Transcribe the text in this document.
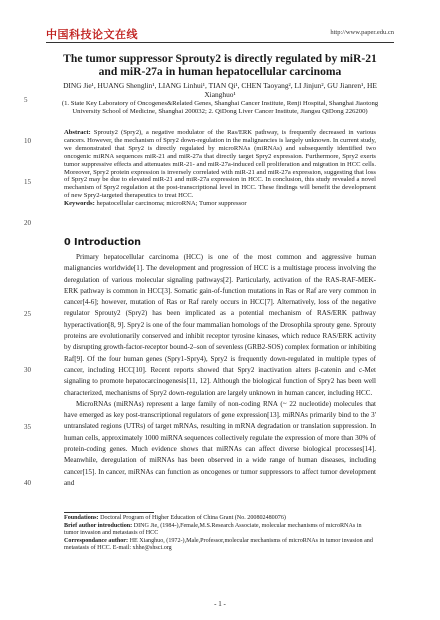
中国科技论文在线	http://www.paper.edu.cn
5
10
15
20
25
30
35
40
The tumor suppressor Sprouty2 is directly regulated by miR-21 and miR-27a in human hepatocellular carcinoma
DING Jie¹, HUANG Shenglin¹, LIANG Linhui¹, TIAN Qi¹, CHEN Taoyang², LI Jinjun², GU Jianren¹, HE Xianghuo¹
(1. State Key Laboratory of Oncogenes&Related Genes, Shanghai Cancer Institute, Renji Hospital, Shanghai Jiaotong University School of Medicine, Shanghai 200032; 2. QiDong Liver Cancer Institute, Jiangsu QiDong 226200)
Abstract: Sprouty2 (Spry2), a negative modulator of the Ras/ERK pathway, is frequently decreased in various cancers. However, the mechanism of Spry2 down-regulation in the malignancies is largely unknown. In current study, we demonstrated that Spry2 is directly regulated by microRNAs (miRNAs) and subsequently identified two oncogenic miRNA sequences miR-21 and miR-27a that directly target Spry2 expression. Furthermore, Spry2 exerts tumor suppressive effects and attenuates miR-21- and miR-27a-induced cell proliferation and migration in HCC cells. Moreover, Spry2 protein expression is inversely correlated with miR-21 and miR-27a expression, suggesting that loss of Spry2 may be due to elevated miR-21 and miR-27a expression in HCC. In conclusion, this study revealed a novel mechanism of Spry2 regulation at the post-transcriptional level in HCC. These findings will benefit the development of new Spry2-targeted therapeutics to treat HCC.
Keywords: hepatocellular carcinoma; microRNA; Tumor suppressor
0 Introduction

Primary hepatocellular carcinoma (HCC) is one of the most common and aggressive human malignancies worldwide[1]. The development and progression of HCC is a multistage process involving the deregulation of various molecular signaling pathways[2]. Particularly, activation of the RAS-RAF-MEK-ERK pathway is common in HCC[3]. Somatic gain-of-function mutations in Ras or Raf are very common in cancer[4-6]; however, mutation of Ras or Raf rarely occurs in HCC[7]. Alternatively, loss of the negative regulator Sprouty2 (Spry2) has been implicated as a potential mechanism of RAS/ERK pathway hyperactivation[8, 9]. Spry2 is one of the four mammalian homologs of the Drosophila sprouty gene. Sprouty proteins are evolutionarily conserved and inhibit receptor tyrosine kinases, which reduce RAS/ERK activity by disrupting growth-factor-receptor bound-2–son of sevenless (GRB2-SOS) complex formation or inhibiting Raf[9]. Of the four human genes (Spry1-Spry4), Spry2 is frequently down-regulated in multiple types of cancer, including HCC[10]. Recent reports showed that Spry2 inactivation alters β-catenin and c-Met signaling to promote hepatocarcinogenesis[11, 12]. Although the biological function of Spry2 has been well characterized, mechanisms of Spry2 down-regulation are largely unknown in human cancer, including HCC.

MicroRNAs (miRNAs) represent a large family of non-coding RNA (~ 22 nucleotide) molecules that have emerged as key post-transcriptional regulators of gene expression[13]. miRNAs primarily bind to the 3' untranslated regions (UTRs) of target mRNAs, resulting in mRNA degradation or translation suppression. In human cells, approximately 1000 miRNA sequences collectively regulate the expression of more than 30% of protein-coding genes. Much evidence shows that miRNAs can affect diverse biological processes[14]. Meanwhile, deregulation of miRNAs has been observed in a wide range of human diseases, including cancer[15]. In cancer, miRNAs can function as oncogenes or tumor suppressors to affect tumor development and

Foundations: Doctoral Program of Higher Education of China Grant (No. 200802480076)
Brief author introduction: DING Jie, (1984-),Female,M.S.Research Associate, molecular mechanisms of microRNAs in tumor invasion and metastasis of HCC
Correspondance author: HE Xianghuo, (1972-),Male,Professor,molecular mechanisms of microRNAs in tumor invasion and metastasis of HCC. E-mail: xhhe@shsci.org
- 1 -
